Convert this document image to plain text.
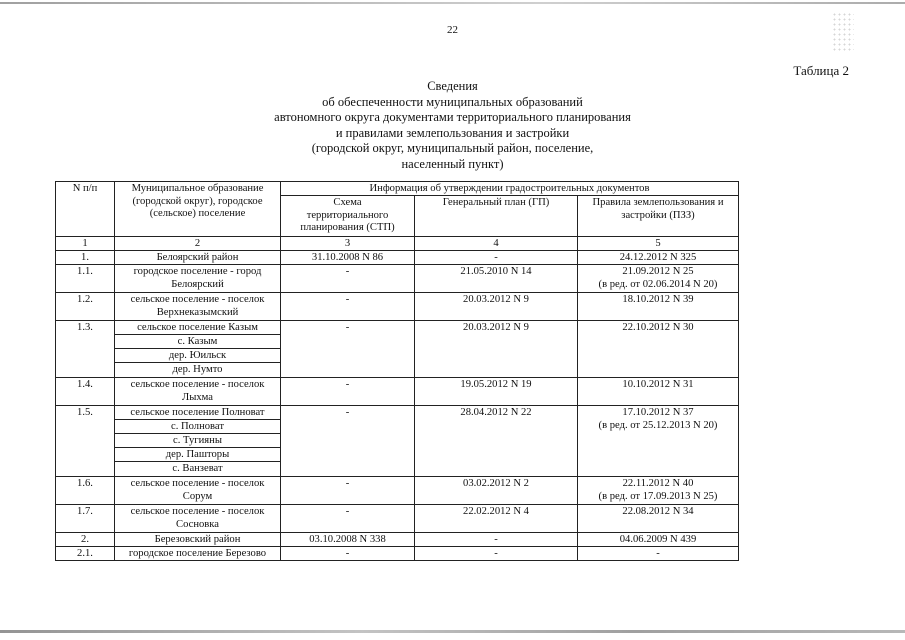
22
Таблица 2
Сведения
об обеспеченности муниципальных образований
автономного округа документами территориального планирования
и правилами землепользования и застройки
(городской округ, муниципальный район, поселение,
населенный пункт)
N п/п	Муниципальное образование
(городской округ), городское
(сельское) поселение
Информация об утверждении градостроительных документов
Схема
территориального
планирования (СТП)
Генеральный план (ГП)	Правила землепользования и
застройки (ПЗЗ)
1	2	3	4	5
1.	Белоярский район	31.10.2008 N 86	-	24.12.2012 N 325
1.1.	городское поселение - город
Белоярский
-	21.05.2010 N 14	21.09.2012 N 25
(в ред. от 02.06.2014 N 20)
1.2.	сельское поселение - поселок
Верхнеказымский
-	20.03.2012 N 9	18.10.2012 N 39
1.3.	сельское поселение Казым
с. Казым
дер. Юильск
дер. Нумто
-	20.03.2012 N 9	22.10.2012 N 30
1.4.	сельское поселение - поселок
Лыхма
-	19.05.2012 N 19	10.10.2012 N 31
1.5.	сельское поселение Полноват
с. Полноват
с. Тугияны
дер. Пашторы
с. Ванзеват
-	28.04.2012 N 22	17.10.2012 N 37
(в ред. от 25.12.2013 N 20)
1.6.	сельское поселение - поселок
Сорум
-	03.02.2012 N 2	22.11.2012 N 40
(в ред. от 17.09.2013 N 25)
1.7.	сельское поселение - поселок
Сосновка
-	22.02.2012 N 4	22.08.2012 N 34
2.	Березовский район	03.10.2008 N 338	-	04.06.2009 N 439
2.1.	городское поселение Березово	-	-	-
